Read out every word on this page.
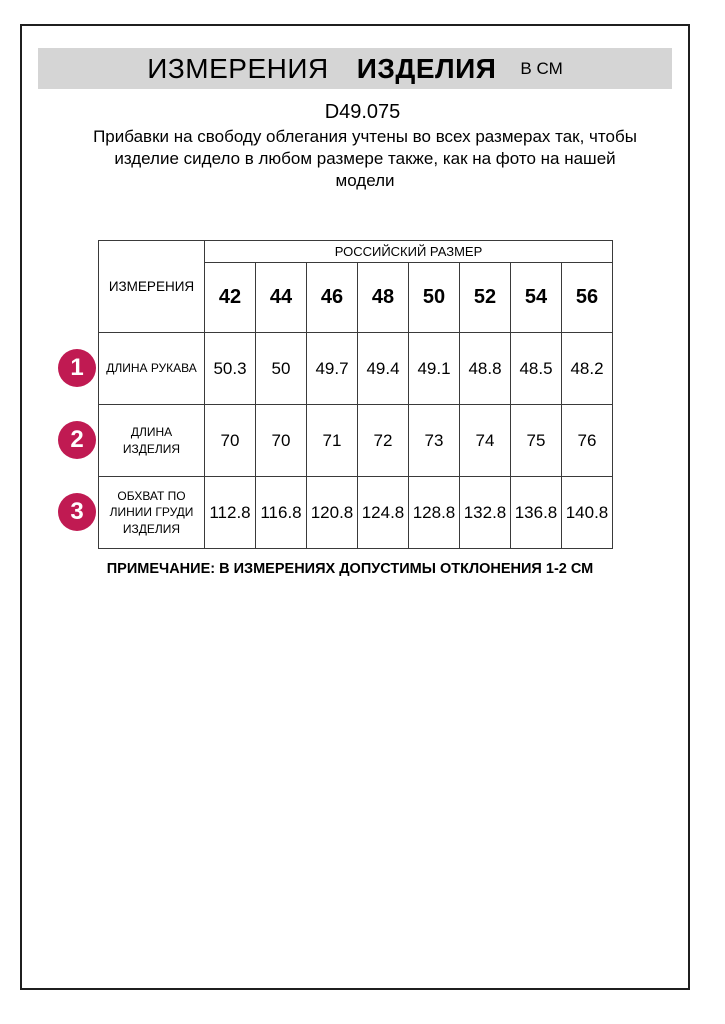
ИЗМЕРЕНИЯ ИЗДЕЛИЯ В СМ
D49.075
Прибавки на свободу облегания учтены во всех размерах так, чтобы изделие сидело в любом размере также, как на фото на нашей модели
ИЗМЕРЕНИЯ	РОССИЙСКИЙ РАЗМЕР							
	42	44	46	48	50	52	54	56
ДЛИНА РУКАВА	50.3	50	49.7	49.4	49.1	48.8	48.5	48.2
ДЛИНА ИЗДЕЛИЯ	70	70	71	72	73	74	75	76
ОБХВАТ ПО ЛИНИИ ГРУДИ ИЗДЕЛИЯ	112.8	116.8	120.8	124.8	128.8	132.8	136.8	140.8
1
2
3
ПРИМЕЧАНИЕ: В ИЗМЕРЕНИЯХ ДОПУСТИМЫ ОТКЛОНЕНИЯ 1-2 СМ
